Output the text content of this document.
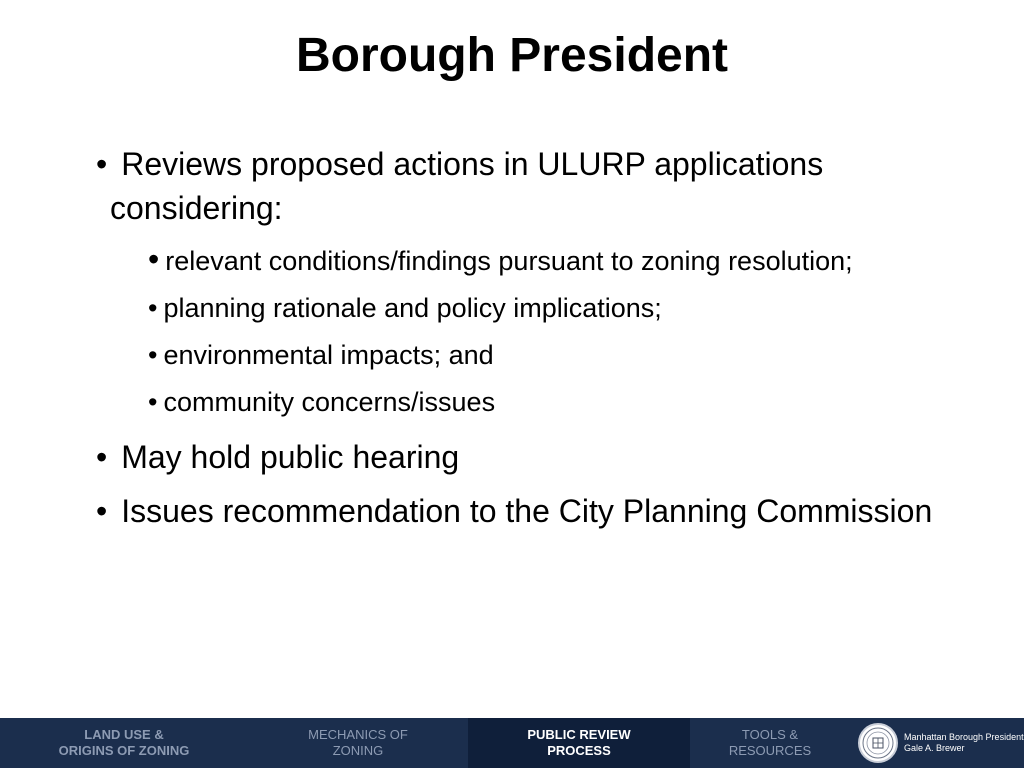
Borough President
• Reviews proposed actions in ULURP applications considering:
• relevant conditions/findings pursuant to zoning resolution;
• planning rationale and policy implications;
• environmental impacts; and
• community concerns/issues
• May hold public hearing
• Issues recommendation to the City Planning Commission
LAND USE &
ORIGINS OF ZONING
MECHANICS OF
ZONING
PUBLIC REVIEW
PROCESS
TOOLS &
RESOURCES
Manhattan Borough President
Gale A. Brewer
